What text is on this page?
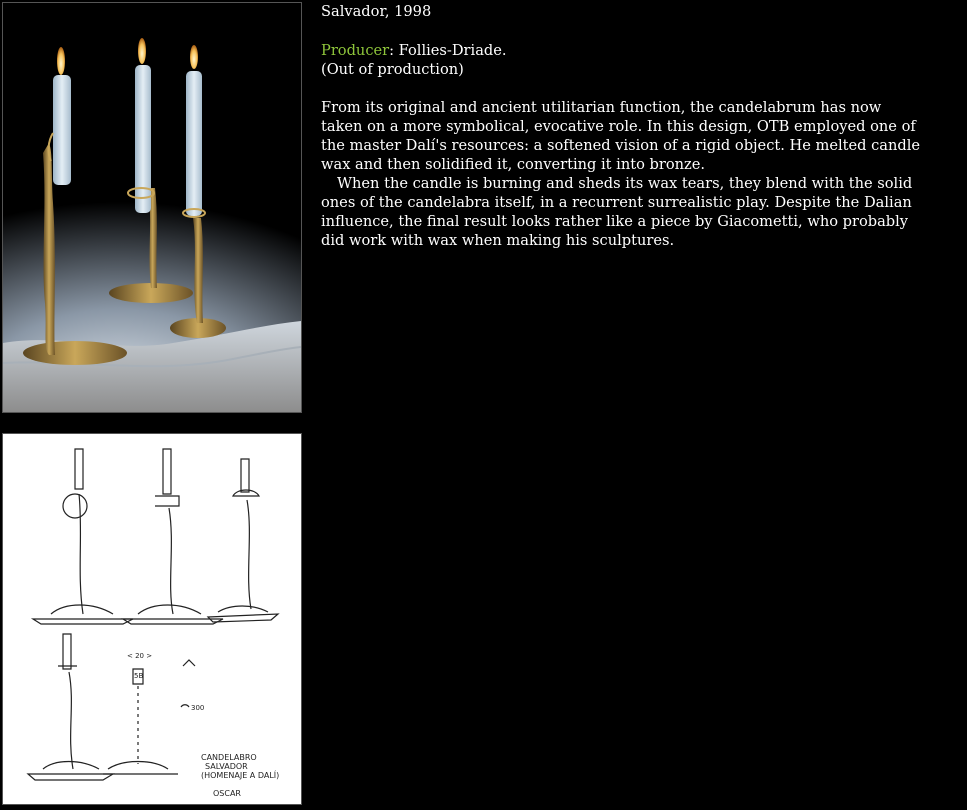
< 20 >
5B
300
CANDELABRO
SALVADOR
(HOMENAJE A DALÍ)
OSCAR

Salvador, 1998

Producer: Follies-Driade.
(Out of production)

From its original and ancient utilitarian function, the candelabrum has now taken on a more symbolical, evocative role. In this design, OTB employed one of the master Dalí's resources: a softened vision of a rigid object. He melted candle wax and then solidified it, converting it into bronze.

When the candle is burning and sheds its wax tears, they blend with the solid ones of the candelabra itself, in a recurrent surrealistic play. Despite the Dalian influence, the final result looks rather like a piece by Giacometti, who probably did work with wax when making his sculptures.
